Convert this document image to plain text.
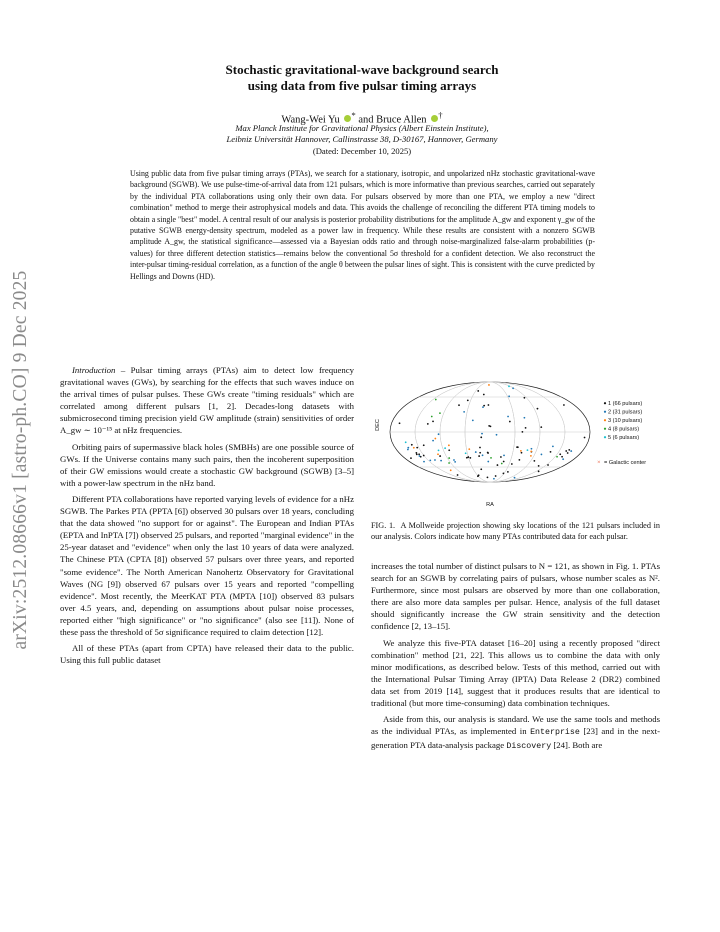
arXiv:2512.08666v1 [astro-ph.CO] 9 Dec 2025
Stochastic gravitational-wave background search
using data from five pulsar timing arrays
Wang-Wei Yu * and Bruce Allen †
Max Planck Institute for Gravitational Physics (Albert Einstein Institute),
Leibniz Universität Hannover, Callinstrasse 38, D-30167, Hannover, Germany
(Dated: December 10, 2025)
Using public data from five pulsar timing arrays (PTAs), we search for a stationary, isotropic, and unpolarized nHz stochastic gravitational-wave background (SGWB). We use pulse-time-of-arrival data from 121 pulsars, which is more informative than previous searches, carried out separately by the individual PTA collaborations using only their own data. For pulsars observed by more than one PTA, we employ a new "direct combination" method to merge their astrophysical models and data. This avoids the challenge of reconciling the different PTA timing models to obtain a single "best" model. A central result of our analysis is posterior probability distributions for the amplitude A_gw and exponent γ_gw of the putative SGWB energy-density spectrum, modeled as a power law in frequency. While these results are consistent with a nonzero SGWB amplitude A_gw, the statistical significance—assessed via a Bayesian odds ratio and through noise-marginalized false-alarm probabilities (p-values) for three different detection statistics—remains below the conventional 5σ threshold for a confident detection. We also reconstruct the inter-pulsar timing-residual correlation, as a function of the angle θ between the pulsar lines of sight. This is consistent with the curve predicted by Hellings and Downs (HD).

Introduction – Pulsar timing arrays (PTAs) aim to detect low frequency gravitational waves (GWs), by searching for the effects that such waves induce on the arrival times of pulsar pulses. These GWs create "timing residuals" which are correlated among different pulsars [1, 2]. Decades-long datasets with submicrosecond timing precision yield GW amplitude (strain) sensitivities of order A_gw ∼ 10⁻¹⁵ at nHz frequencies.

Orbiting pairs of supermassive black holes (SMBHs) are one possible source of GWs. If the Universe contains many such pairs, then the incoherent superposition of their GW emissions would create a stochastic GW background (SGWB) [3–5] with a power-law spectrum in the nHz band.

Different PTA collaborations have reported varying levels of evidence for a nHz SGWB. The Parkes PTA (PPTA [6]) observed 30 pulsars over 18 years, concluding that the data showed "no support for or against". The European and Indian PTAs (EPTA and InPTA [7]) observed 25 pulsars, and reported "marginal evidence" in the 25-year dataset and "evidence" when only the last 10 years of data were analyzed. The Chinese PTA (CPTA [8]) observed 57 pulsars over three years, and reported "some evidence". The North American Nanohertz Observatory for Gravitational Waves (NG [9]) observed 67 pulsars over 15 years and reported "compelling evidence". Most recently, the MeerKAT PTA (MPTA [10]) observed 83 pulsars over 4.5 years, and, depending on assumptions about pulsar noise processes, reported either "high significance" or "no significance" (also see [11]). None of these pass the threshold of 5σ significance required to claim detection [12].

All of these PTAs (apart from CPTA) have released their data to the public. Using this full public dataset

RA
DEC
1 (66 pulsars)
2 (31 pulsars)
3 (10 pulsars)
4 (8 pulsars)
5 (6 pulsars)
× = Galactic center
FIG. 1. A Mollweide projection showing sky locations of the 121 pulsars included in our analysis. Colors indicate how many PTAs contributed data for each pulsar.

increases the total number of distinct pulsars to N = 121, as shown in Fig. 1. PTAs search for an SGWB by correlating pairs of pulsars, whose number scales as N². Furthermore, since most pulsars are observed by more than one collaboration, there are also more data samples per pulsar. Hence, analysis of the full dataset should significantly increase the GW strain sensitivity and the detection confidence [2, 13–15].

We analyze this five-PTA dataset [16–20] using a recently proposed "direct combination" method [21, 22]. This allows us to combine the data with only minor modifications, as described below. Tests of this method, carried out with the International Pulsar Timing Array (IPTA) Data Release 2 (DR2) combined data set from 2019 [14], suggest that it produces results that are identical to traditional (but more time-consuming) data combination techniques.

Aside from this, our analysis is standard. We use the same tools and methods as the individual PTAs, as implemented in Enterprise [23] and in the next-generation PTA data-analysis package Discovery [24]. Both are
